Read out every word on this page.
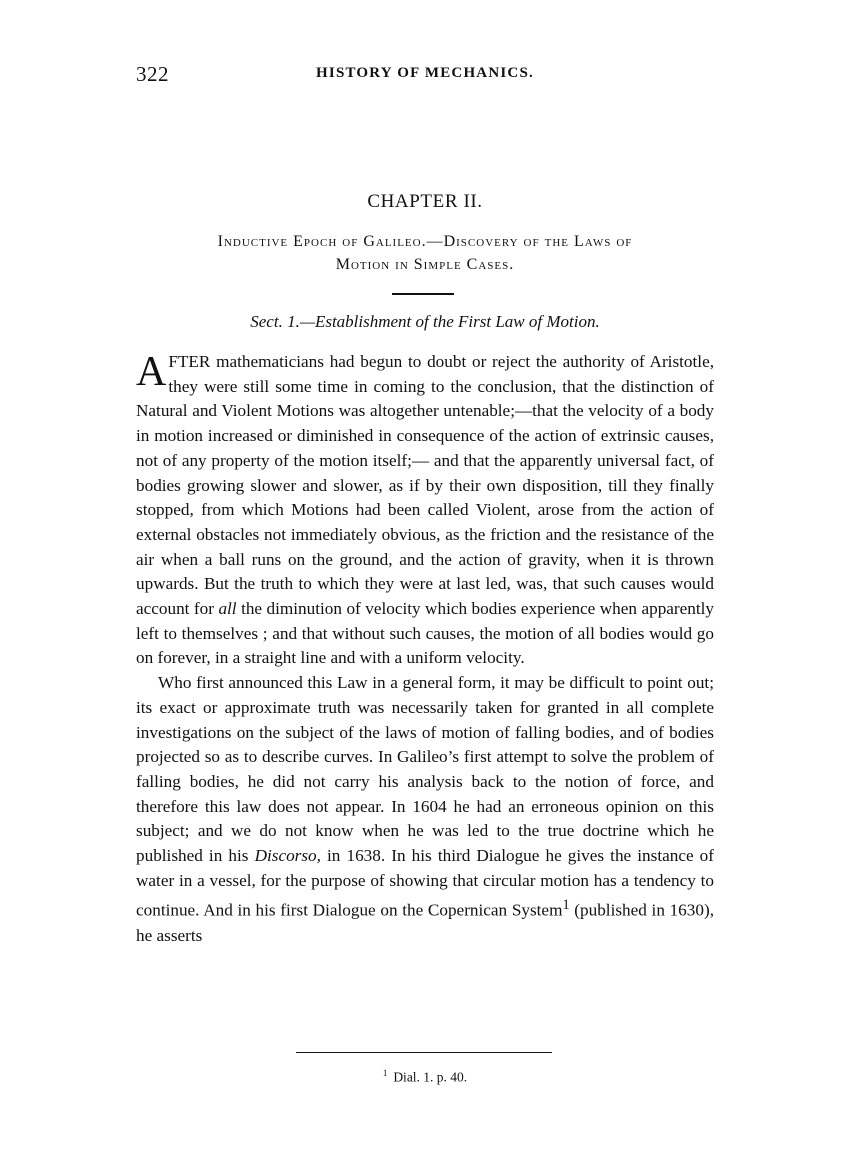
322	HISTORY OF MECHANICS.
CHAPTER II.
Inductive Epoch of Galileo.—Discovery of the Laws of
Motion in Simple Cases.
Sect. 1.—Establishment of the First Law of Motion.

AFTER mathematicians had begun to doubt or reject the authority of Aristotle, they were still some time in coming to the conclusion, that the distinction of Natural and Violent Motions was altogether untenable;—that the velocity of a body in motion increased or diminished in consequence of the action of extrinsic causes, not of any property of the motion itself;— and that the apparently universal fact, of bodies growing slower and slower, as if by their own disposition, till they finally stopped, from which Motions had been called Violent, arose from the action of external obstacles not immediately obvious, as the friction and the resistance of the air when a ball runs on the ground, and the action of gravity, when it is thrown upwards. But the truth to which they were at last led, was, that such causes would account for all the diminution of velocity which bodies experience when apparently left to themselves ; and that without such causes, the motion of all bodies would go on forever, in a straight line and with a uniform velocity.

Who first announced this Law in a general form, it may be difficult to point out; its exact or approximate truth was necessarily taken for granted in all complete investigations on the subject of the laws of motion of falling bodies, and of bodies projected so as to describe curves. In Galileo’s first attempt to solve the problem of falling bodies, he did not carry his analysis back to the notion of force, and therefore this law does not appear. In 1604 he had an erroneous opinion on this subject; and we do not know when he was led to the true doctrine which he published in his Discorso, in 1638. In his third Dialogue he gives the instance of water in a vessel, for the purpose of showing that circular motion has a tendency to continue. And in his first Dialogue on the Copernican System$^1$ (published in 1630), he asserts

$^1$ Dial. 1. p. 40.
